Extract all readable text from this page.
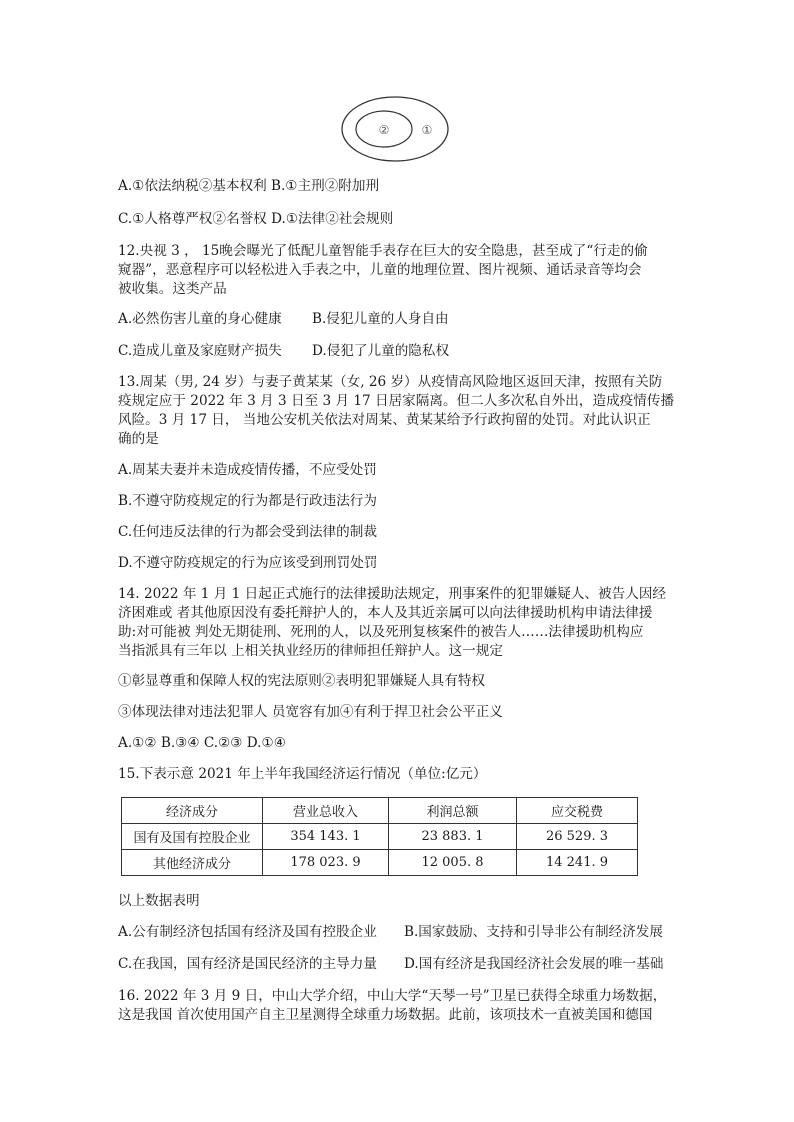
②	①
A.①依法纳税②基本权利 B.①主刑②附加刑
C.①人格尊严权②名誉权 D.①法律②社会规则
12.央视 3 ， 15晚会曝光了低配儿童智能手表存在巨大的安全隐患，甚至成了“行走的偷
窥器”，恶意程序可以轻松进入手表之中，儿童的地理位置、图片视频、通话录音等均会
被收集。这类产品
A.必然伤害儿童的身心健康 B.侵犯儿童的人身自由
C.造成儿童及家庭财产损失 D.侵犯了儿童的隐私权
13.周某（男, 24 岁）与妻子黄某某（女, 26 岁）从疫情高风险地区返回天津，按照有关防
疫规定应于 2022 年 3 月 3 日至 3 月 17 日居家隔离。但二人多次私自外出，造成疫情传播
风险。3 月 17 日， 当地公安机关依法对周某、黄某某给予行政拘留的处罚。对此认识正
确的是
A.周某夫妻并未造成疫情传播，不应受处罚
B.不遵守防疫规定的行为都是行政违法行为
C.任何违反法律的行为都会受到法律的制裁
D.不遵守防疫规定的行为应该受到刑罚处罚
14. 2022 年 1 月 1 日起正式施行的法律援助法规定，刑事案件的犯罪嫌疑人、被告人因经
济困难或 者其他原因没有委托辩护人的，本人及其近亲属可以向法律援助机构申请法律援
助:对可能被 判处无期徒刑、死刑的人，以及死刑复核案件的被告人……法律援助机构应
当指派具有三年以 上相关执业经历的律师担任辩护人。这一规定
①彰显尊重和保障人权的宪法原则②表明犯罪嫌疑人具有特权
③体现法律对违法犯罪人 员宽容有加④有利于捍卫社会公平正义
A.①② B.③④ C.②③ D.①④
15.下表示意 2021 年上半年我国经济运行情况（单位:亿元）
经济成分	营业总收入	利润总额	应交税费
国有及国有控股企业	354 143. 1	23 883. 1	26 529. 3
其他经济成分	178 023. 9	12 005. 8	14 241. 9
以上数据表明
A.公有制经济包括国有经济及国有控股企业 B.国家鼓励、支持和引导非公有制经济发展
C.在我国，国有经济是国民经济的主导力量 D.国有经济是我国经济社会发展的唯一基础
16. 2022 年 3 月 9 日，中山大学介绍，中山大学“天琴一号”卫星已获得全球重力场数据，
这是我国 首次使用国产自主卫星测得全球重力场数据。此前，该项技术一直被美国和德国
